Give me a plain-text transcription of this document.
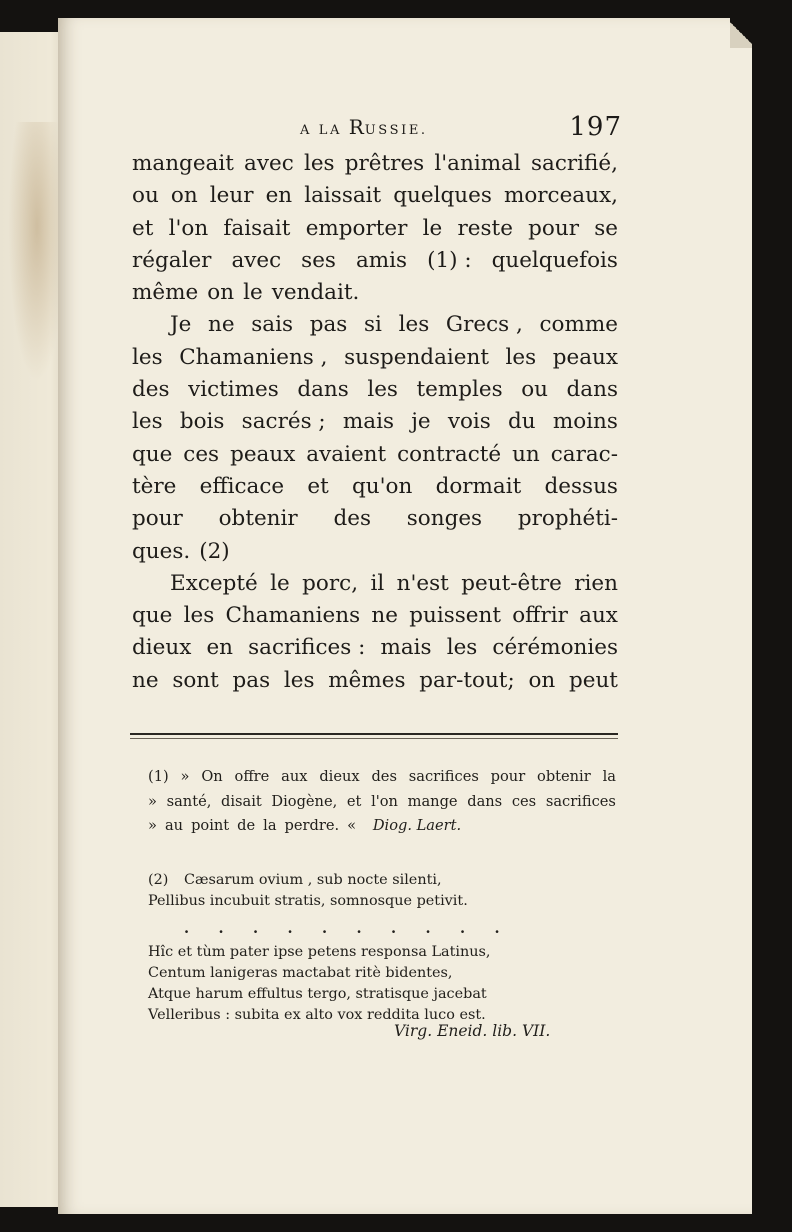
A LA RUSSIE.	197
mangeait avec les prêtres l'animal sacrifié,
ou on leur en laissait quelques morceaux,
et l'on faisait emporter le reste pour se
régaler avec ses amis (1) : quelquefois
même on le vendait.
Je ne sais pas si les Grecs , comme
les Chamaniens , suspendaient les peaux
des victimes dans les temples ou dans
les bois sacrés ; mais je vois du moins
que ces peaux avaient contracté un carac-
tère efficace et qu'on dormait dessus
pour obtenir des songes prophéti-
ques. (2)
Excepté le porc, il n'est peut-être rien
que les Chamaniens ne puissent offrir aux
dieux en sacrifices : mais les cérémonies
ne sont pas les mêmes par-tout; on peut
(1) » On offre aux dieux des sacrifices pour obtenir la
» santé, disait Diogène, et l'on mange dans ces sacrifices
» au point de la perdre. « Diog. Laert.
(2) Cæsarum ovium , sub nocte silenti,
Pellibus incubuit stratis, somnosque petivit.
. . . . . . . . . .
Hîc et tùm pater ipse petens responsa Latinus,
Centum lanigeras mactabat ritè bidentes,
Atque harum effultus tergo, stratisque jacebat
Velleribus : subita ex alto vox reddita luco est.
Virg. Eneid. lib. VII.
